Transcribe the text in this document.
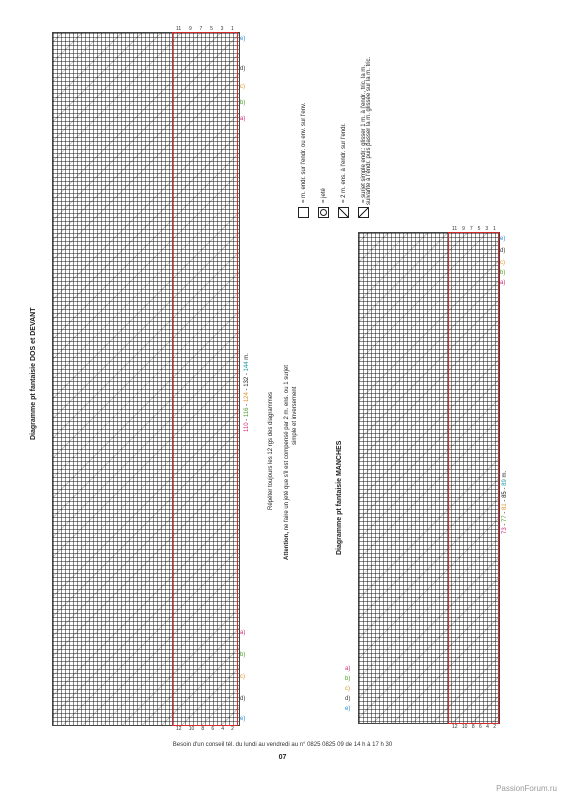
11 9 7 5 3 1
12 10 8 6 4 2
e)
d)
c)
b)
a)
a)
b)
c)
d)
e)
Diagramme pt fantaisie DOS et DEVANT	110 - 116 - 124 - 132 - 144 m.
Répéter toujours les 12 rgs des diagrammes
Attention, ne faire un jeté que s'il est compensé par 2 m. ens. ou 1 surjet simple et inversement
= m. endr. sur l'endr. ou env. sur l'env.	= jeté	= 2 m. ens. à l'endr. sur l'endr.	= surjet simple endr.: glisser 1 m. à l'endr., tric. la m.
suivante à l'endr. puis passer la m. glissée sur la m. tric.
11 9 7 5 3 1
12 10 8 6 4 2
e)
d)
c)
b)
a)
a)
b)
c)
d)
e)
Diagramme pt fantaisie MANCHES	73 - 77 - 81 - 85 - 89 m.
Besoin d'un conseil tél. du lundi au vendredi au n° 0825 0825 09 de 14 h à 17 h 30
07
PassionForum.ru
